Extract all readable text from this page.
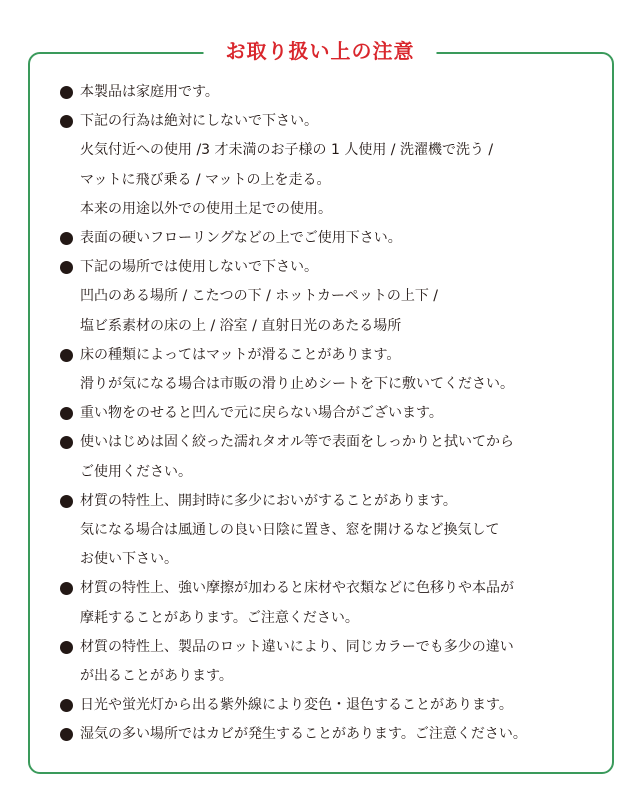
お取り扱い上の注意
本製品は家庭用です。
下記の行為は絶対にしないで下さい。
火気付近への使用 /3 才未満のお子様の 1 人使用 / 洗濯機で洗う /
マットに飛び乗る / マットの上を走る。
本来の用途以外での使用土足での使用。
表面の硬いフローリングなどの上でご使用下さい。
下記の場所では使用しないで下さい。
凹凸のある場所 / こたつの下 / ホットカーペットの上下 /
塩ビ系素材の床の上 / 浴室 / 直射日光のあたる場所
床の種類によってはマットが滑ることがあります。
滑りが気になる場合は市販の滑り止めシートを下に敷いてください。
重い物をのせると凹んで元に戻らない場合がございます。
使いはじめは固く絞った濡れタオル等で表面をしっかりと拭いてから
ご使用ください。
材質の特性上、開封時に多少においがすることがあります。
気になる場合は風通しの良い日陰に置き、窓を開けるなど換気して
お使い下さい。
材質の特性上、強い摩擦が加わると床材や衣類などに色移りや本品が
摩耗することがあります。ご注意ください。
材質の特性上、製品のロット違いにより、同じカラーでも多少の違い
が出ることがあります。
日光や蛍光灯から出る紫外線により変色・退色することがあります。
湿気の多い場所ではカビが発生することがあります。ご注意ください。
